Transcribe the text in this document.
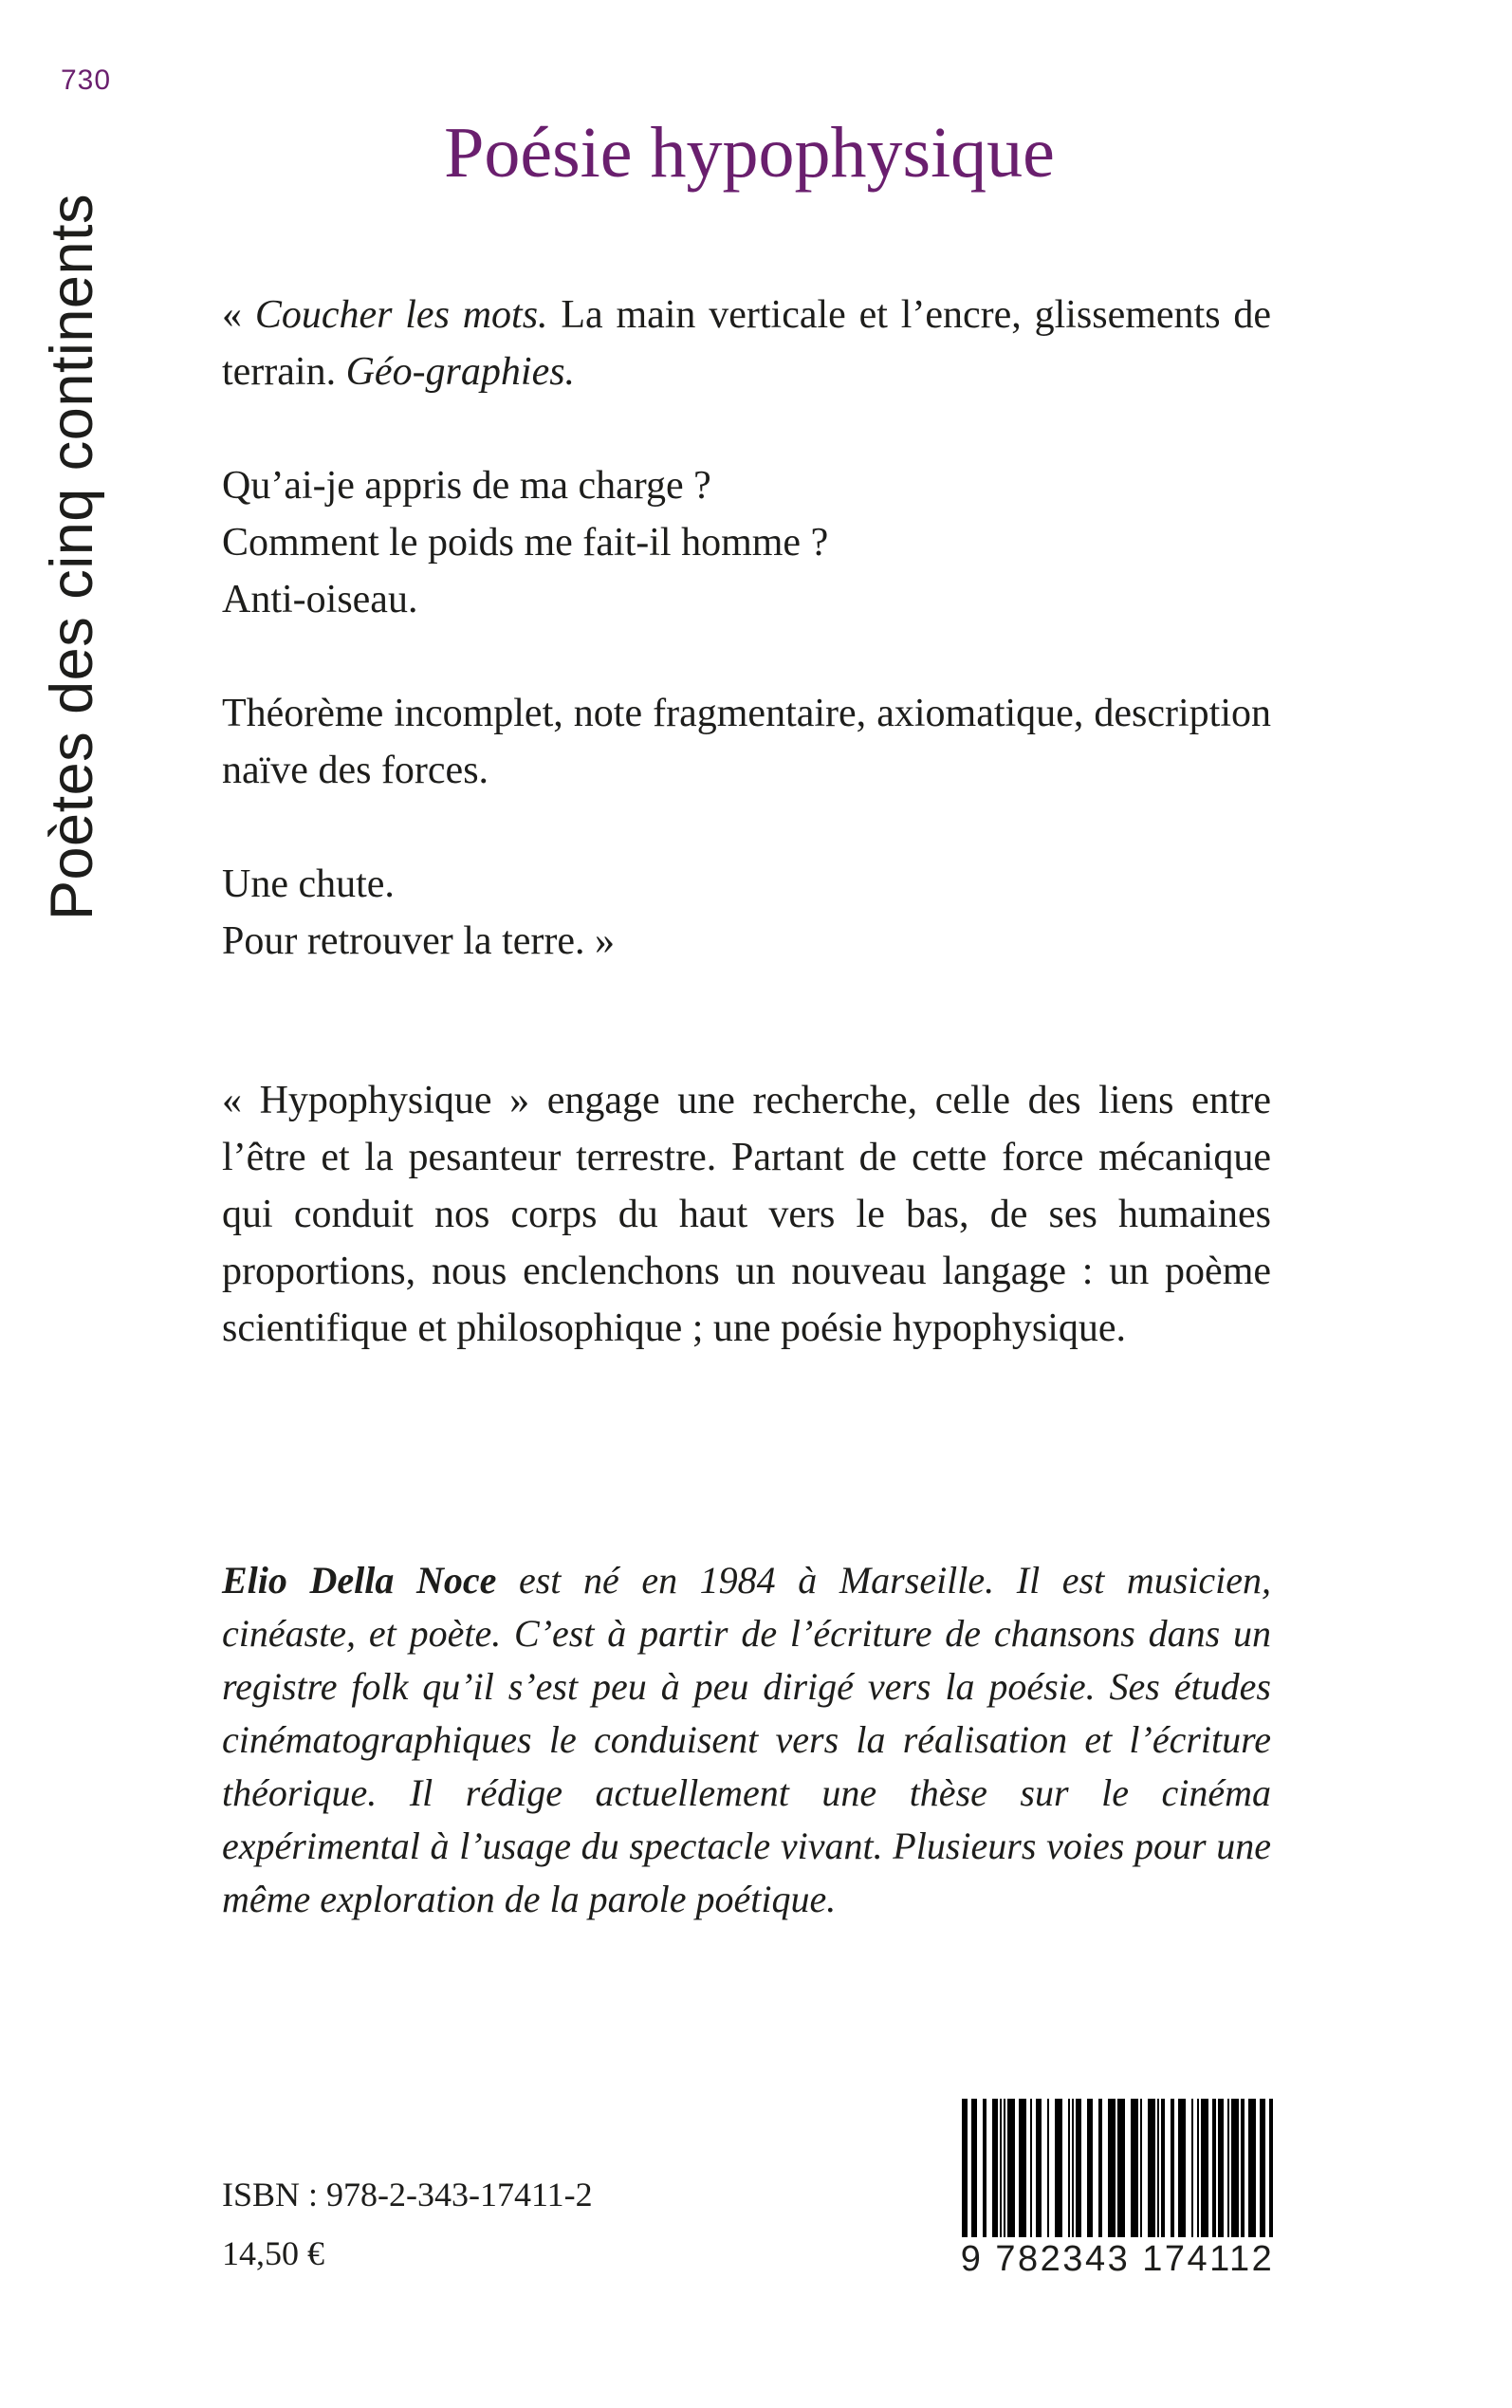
730
Poètes des cinq continents
Poésie hypophysique

« Coucher les mots. La main verticale et l’encre, glissements de terrain. Géo-graphies.

Qu’ai-je appris de ma charge ?

Comment le poids me fait-il homme ?

Anti-oiseau.

Théorème incomplet, note fragmentaire, axiomatique, description naïve des forces.

Une chute.

Pour retrouver la terre. »

« Hypophysique » engage une recherche, celle des liens entre l’être et la pesanteur terrestre. Partant de cette force mécanique qui conduit nos corps du haut vers le bas, de ses humaines proportions, nous enclenchons un nouveau langage : un poème scientifique et philosophique ; une poésie hypophysique.

Elio Della Noce est né en 1984 à Marseille. Il est musicien, cinéaste, et poète. C’est à partir de l’écriture de chansons dans un registre folk qu’il s’est peu à peu dirigé vers la poésie. Ses études cinématographiques le conduisent vers la réalisation et l’écriture théorique. Il rédige actuellement une thèse sur le cinéma expérimental à l’usage du spectacle vivant. Plusieurs voies pour une même exploration de la parole poétique.

ISBN : 978-2-343-17411-2
14,50 €	9 782343 174112
